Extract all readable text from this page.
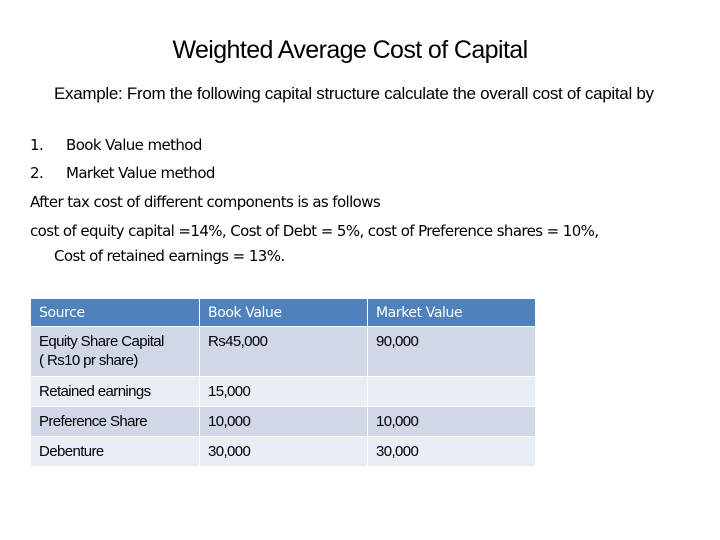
Weighted Average Cost of Capital
Example: From the following capital structure calculate the overall cost of capital by
1. Book Value method
2. Market Value method
After tax cost of different components is as follows
cost of equity capital =14%, Cost of Debt = 5%, cost of Preference shares = 10%,
Cost of retained earnings = 13%.
Source	Book Value	Market Value
Equity Share Capital
( Rs10 pr share)	Rs45,000	90,000
Retained earnings	15,000	
Preference Share	10,000	10,000
Debenture	30,000	30,000
